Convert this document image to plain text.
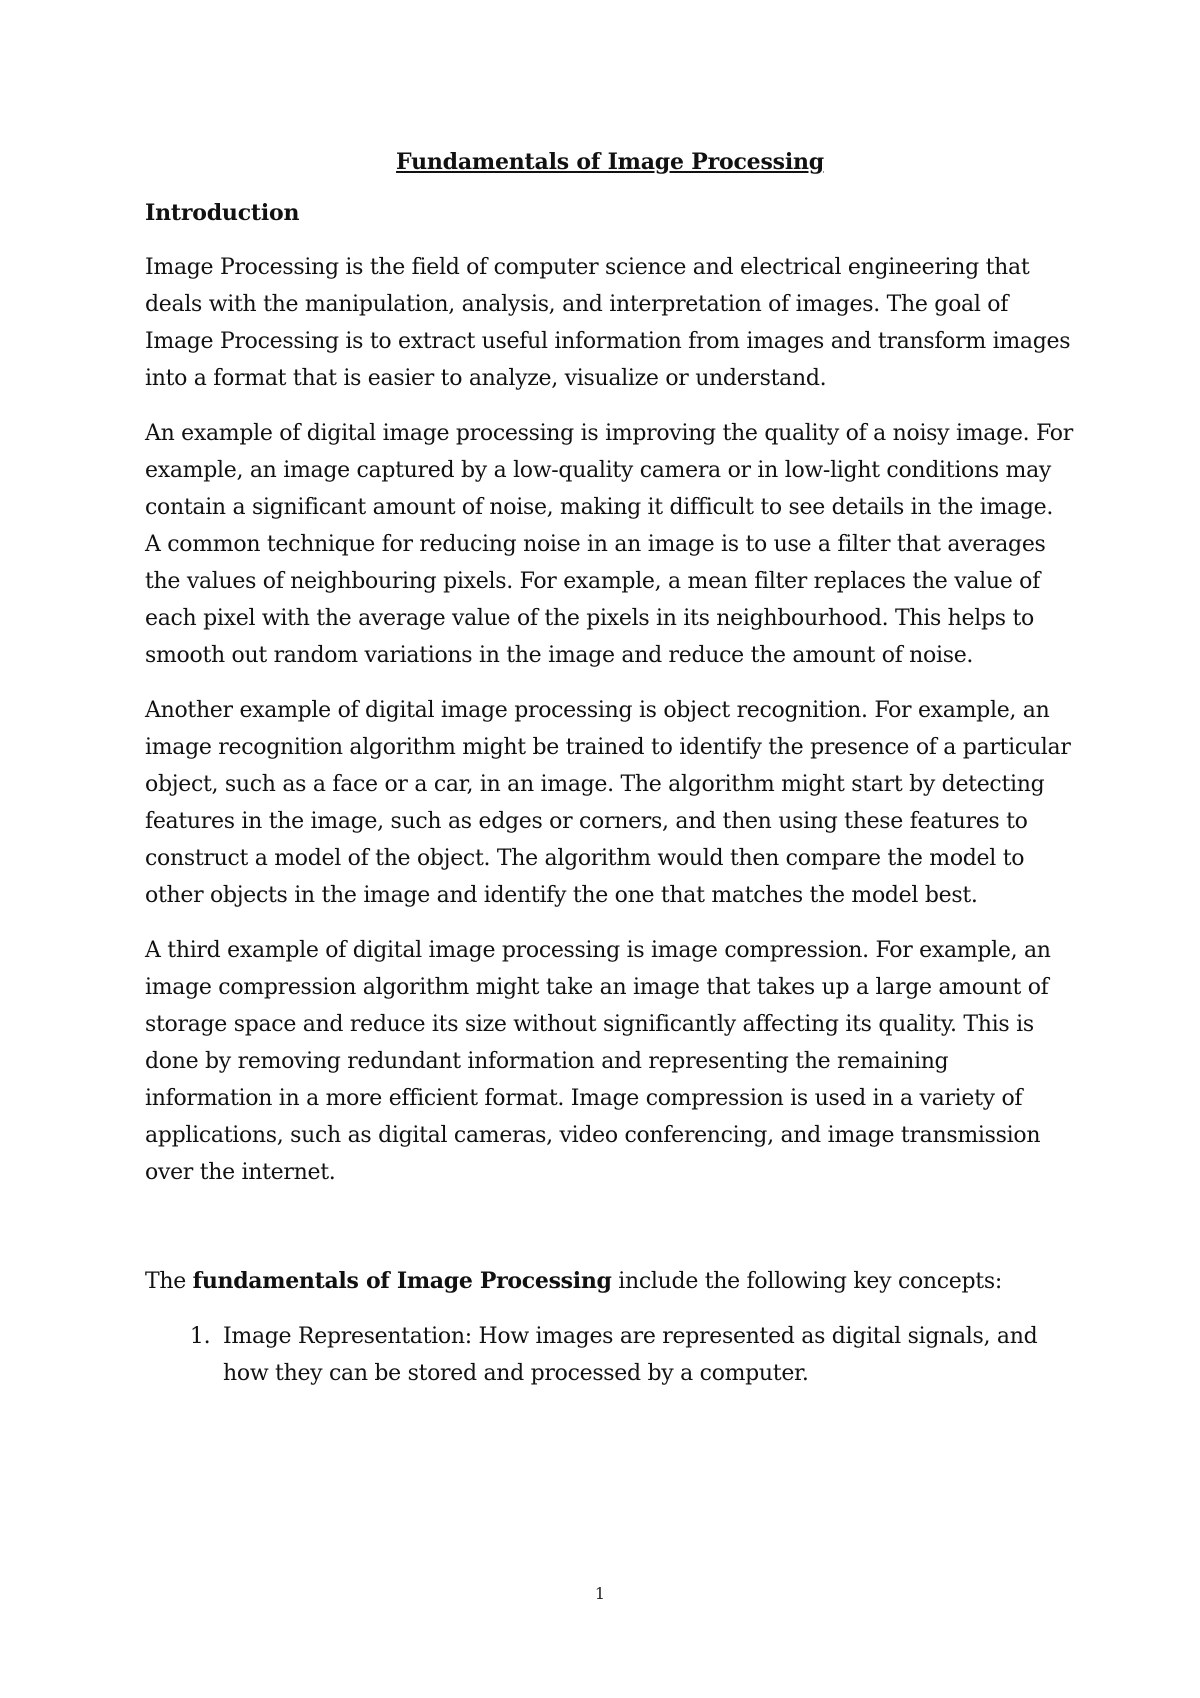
Fundamentals of Image Processing
Introduction

Image Processing is the field of computer science and electrical engineering that deals with the manipulation, analysis, and interpretation of images. The goal of Image Processing is to extract useful information from images and transform images into a format that is easier to analyze, visualize or understand.

An example of digital image processing is improving the quality of a noisy image. For example, an image captured by a low-quality camera or in low-light conditions may contain a significant amount of noise, making it difficult to see details in the image. A common technique for reducing noise in an image is to use a filter that averages the values of neighbouring pixels. For example, a mean filter replaces the value of each pixel with the average value of the pixels in its neighbourhood. This helps to smooth out random variations in the image and reduce the amount of noise.

Another example of digital image processing is object recognition. For example, an image recognition algorithm might be trained to identify the presence of a particular object, such as a face or a car, in an image. The algorithm might start by detecting features in the image, such as edges or corners, and then using these features to construct a model of the object. The algorithm would then compare the model to other objects in the image and identify the one that matches the model best.

A third example of digital image processing is image compression. For example, an image compression algorithm might take an image that takes up a large amount of storage space and reduce its size without significantly affecting its quality. This is done by removing redundant information and representing the remaining information in a more efficient format. Image compression is used in a variety of applications, such as digital cameras, video conferencing, and image transmission over the internet.

The fundamentals of Image Processing include the following key concepts:
1. Image Representation: How images are represented as digital signals, and how they can be stored and processed by a computer.
1
